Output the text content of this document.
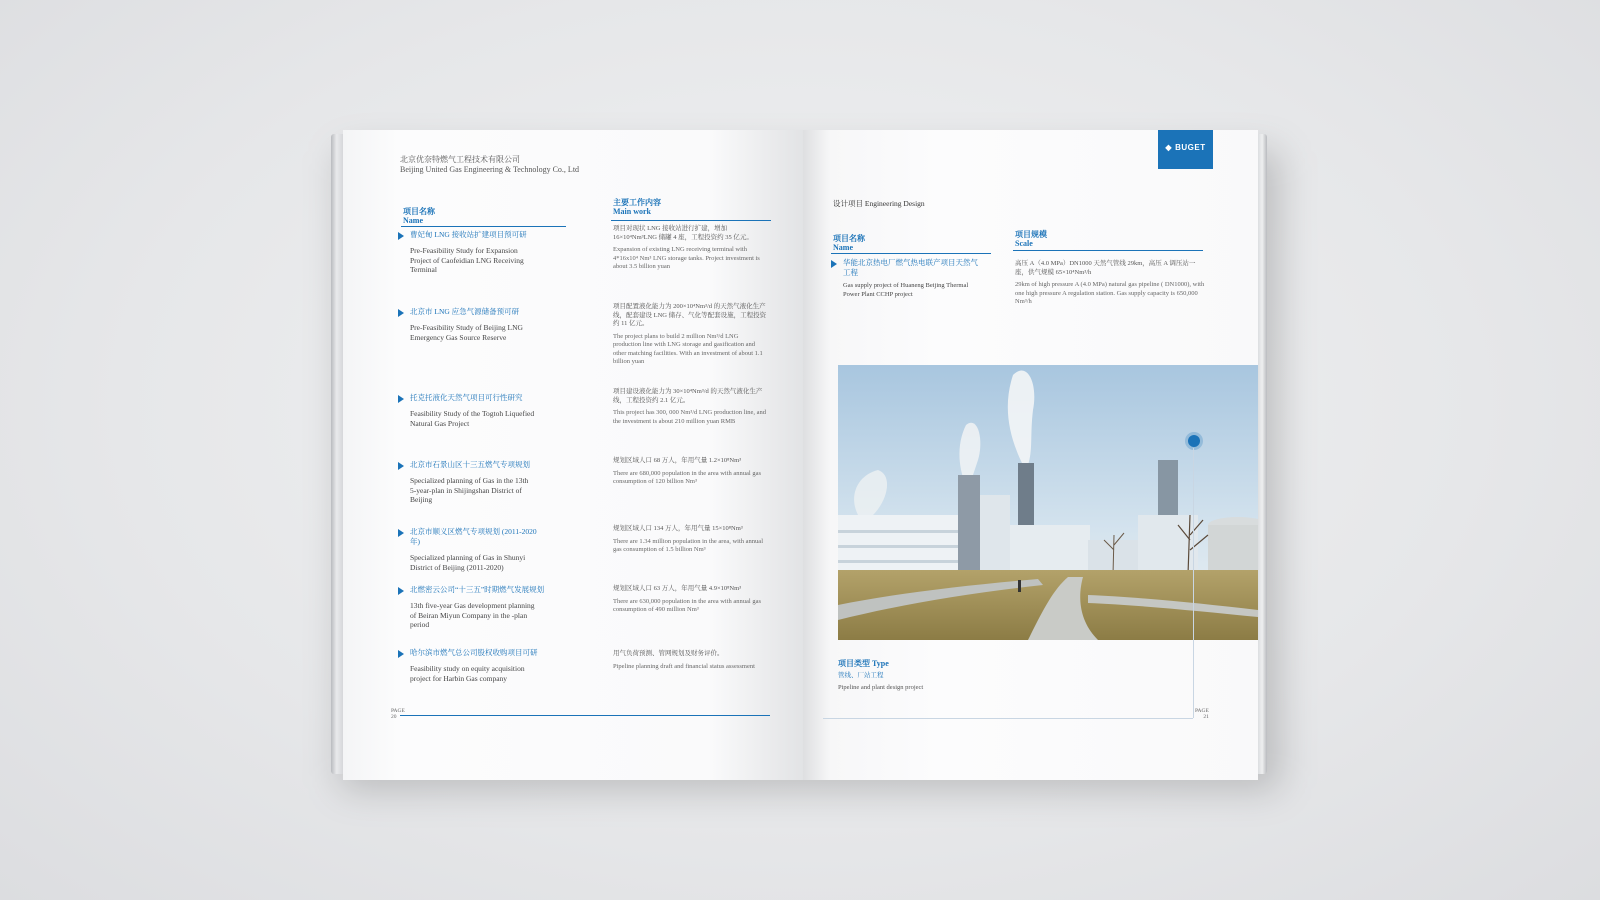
北京优奈特燃气工程技术有限公司
Beijing United Gas Engineering & Technology Co., Ltd
项目名称
Name
主要工作内容
Main work
曹妃甸 LNG 接收站扩建项目预可研
Pre-Feasibility Study for Expansion Project of Caofeidian LNG Receiving Terminal
项目对现状 LNG 接收站进行扩建，增加 16×10⁴Nm³LNG 储罐 4 座，工程投资约 35 亿元。
Expansion of existing LNG receiving terminal with 4*16x10⁴ Nm³ LNG storage tanks. Project investment is about 3.5 billion yuan
北京市 LNG 应急气源储备预可研
Pre-Feasibility Study of Beijing LNG Emergency Gas Source Reserve
项目配置液化能力为 200×10⁴Nm³/d 的天然气液化生产线，配套建设 LNG 储存、气化等配套设施，工程投资约 11 亿元。
The project plans to build 2 million Nm³/d LNG production line with LNG storage and gasification and other matching facilities. With an investment of about 1.1 billion yuan
托克托液化天然气项目可行性研究
Feasibility Study of the Togtoh Liquefied Natural Gas Project
项目建设液化能力为 30×10⁴Nm³/d 的天然气液化生产线，工程投资约 2.1 亿元。
This project has 300, 000 Nm³/d LNG production line, and the investment is about 210 million yuan RMB
北京市石景山区十三五燃气专项规划
Specialized planning of Gas in the 13th 5-year-plan in Shijingshan District of Beijing
规划区域人口 68 万人，年用气量 1.2×10⁸Nm³
There are 680,000 population in the area with annual gas consumption of 120 billion Nm³
北京市顺义区燃气专项规划 (2011-2020 年)
Specialized planning of Gas in Shunyi District of Beijing (2011-2020)
规划区域人口 134 万人，年用气量 15×10⁸Nm³
There are 1.34 million population in the area, with annual gas consumption of 1.5 billion Nm³
北燃密云公司“十三五”时期燃气发展规划
13th five-year Gas development planning of Beiran Miyun Company in the -plan period
规划区域人口 63 万人，年用气量 4.9×10⁸Nm³
There are 630,000 population in the area with annual gas consumption of 490 million Nm³
哈尔滨市燃气总公司股权收购项目可研
Feasibility study on equity acquisition project for Harbin Gas company
用气负荷预测、管网规划及财务评价。
Pipeline planning draft and financial status assessment
PAGE
20
◆ BUGET
设计项目 Engineering Design
项目名称
Name
项目规模
Scale
华能北京热电厂燃气热电联产项目天然气工程
Gas supply project of Huaneng Beijing Thermal Power Plant CCHP project
高压 A（4.0 MPa）DN1000 天然气管线 29km，高压 A 调压站一座，供气规模 65×10⁴Nm³/h
29km of high pressure A (4.0 MPa) natural gas pipeline ( DN1000), with one high pressure A regulation station. Gas supply capacity is 650,000 Nm³/h
项目类型 Type
管线、厂站工程
Pipeline and plant design project
PAGE
21
